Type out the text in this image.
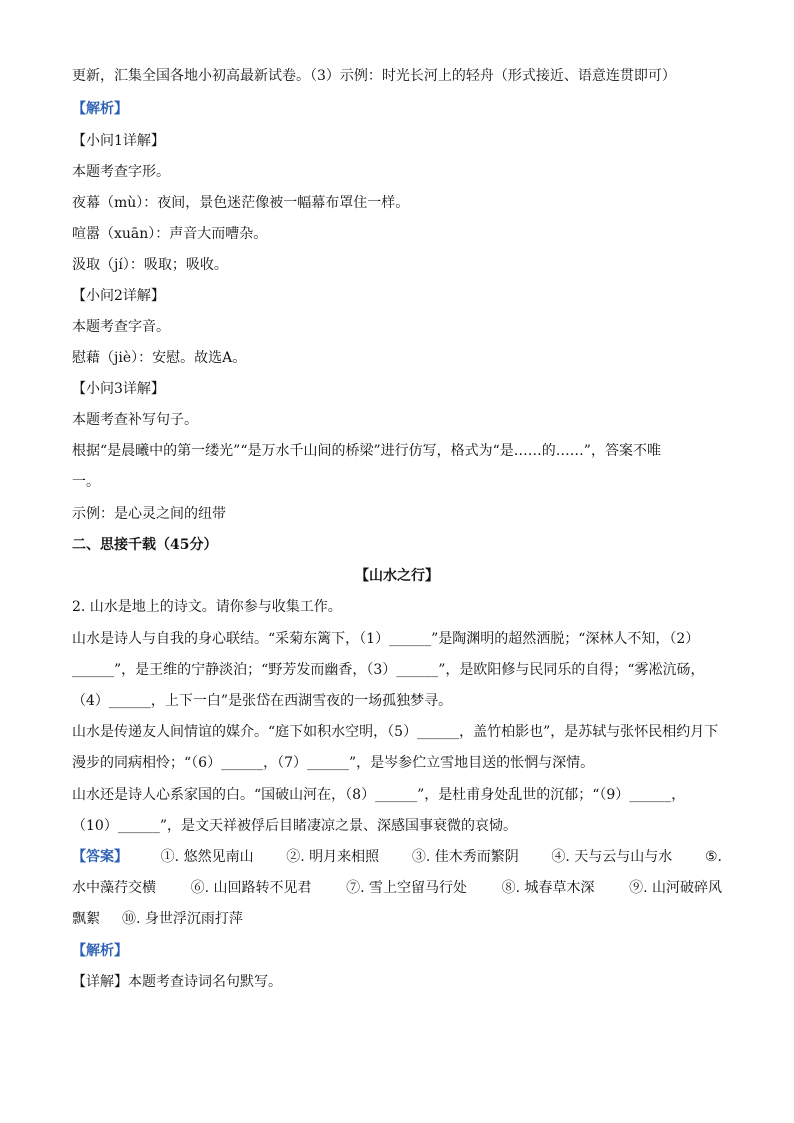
更新，汇集全国各地小初高最新试卷。（3）示例：时光长河上的轻舟（形式接近、语意连贯即可）
【解析】
【小问1详解】
本题考查字形。
夜幕（mù）：夜间，景色迷茫像被一幅幕布罩住一样。
喧嚣（xuān）：声音大而嘈杂。
汲取（jí）：吸取；吸收。
【小问2详解】
本题考查字音。
慰藉（jiè）：安慰。故选A。
【小问3详解】
本题考查补写句子。
根据“是晨曦中的第一缕光”“是万水千山间的桥梁”进行仿写，格式为“是……的……”，答案不唯
一。
示例：是心灵之间的纽带
二、思接千载（45分）
【山水之行】
2. 山水是地上的诗文。请你参与收集工作。
山水是诗人与自我的身心联结。“采菊东篱下，（1）______”是陶渊明的超然洒脱；“深林人不知，（2）
______”，是王维的宁静淡泊；“野芳发而幽香，（3）______”，是欧阳修与民同乐的自得；“雾凇沆砀，
（4）______，上下一白”是张岱在西湖雪夜的一场孤独梦寻。
山水是传递友人间情谊的媒介。“庭下如积水空明，（5）______，盖竹柏影也”，是苏轼与张怀民相约月下
漫步的同病相怜；“（6）______，（7）______”，是岑参伫立雪地目送的怅惘与深情。
山水还是诗人心系家国的白。“国破山河在，（8）______”，是杜甫身处乱世的沉郁；“（9）______，
（10）______”，是文天祥被俘后目睹凄凉之景、深感国事衰微的哀恸。
【答案】 ①. 悠然见南山 ②. 明月来相照 ③. 佳木秀而繁阴 ④. 天与云与山与水 ⑤.
水中藻荇交横 ⑥. 山回路转不见君 ⑦. 雪上空留马行处 ⑧. 城春草木深 ⑨. 山河破碎风
飘絮 ⑩. 身世浮沉雨打萍
【解析】
【详解】本题考查诗词名句默写。
